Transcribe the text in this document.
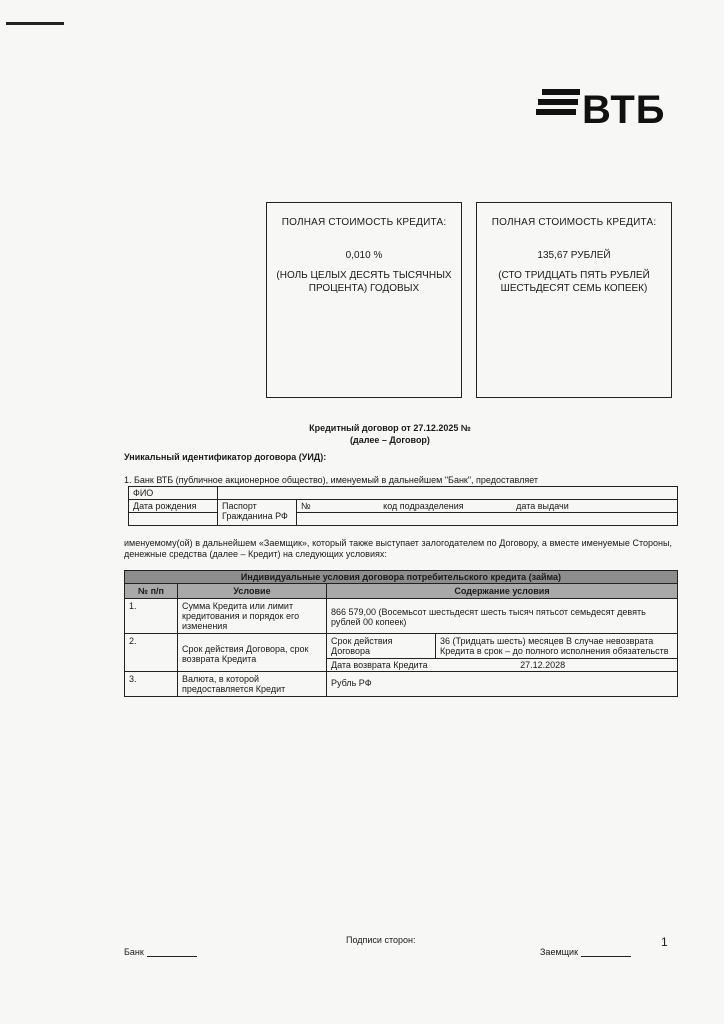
ВТБ
ПОЛНАЯ СТОИМОСТЬ КРЕДИТА:
0,010 %
(НОЛЬ ЦЕЛЫХ ДЕСЯТЬ ТЫСЯЧНЫХ ПРОЦЕНТА) ГОДОВЫХ
ПОЛНАЯ СТОИМОСТЬ КРЕДИТА:
135,67 РУБЛЕЙ
(СТО ТРИДЦАТЬ ПЯТЬ РУБЛЕЙ ШЕСТЬДЕСЯТ СЕМЬ КОПЕЕК)
Кредитный договор от 27.12.2025 №
(далее – Договор)
Уникальный идентификатор договора (УИД):
1. Банк ВТБ (публичное акционерное общество), именуемый в дальнейшем "Банк", предоставляет
ФИО		
Дата рождения	Паспорт Гражданина РФ	№ код подразделения дата выдачи

именуемому(ой) в дальнейшем «Заемщик», который также выступает залогодателем по Договору, а вместе именуемые Стороны, денежные средства (далее – Кредит) на следующих условиях:
Индивидуальные условия договора потребительского кредита (займа)
№ п/п	Условие	Содержание условия
1.	Сумма Кредита или лимит кредитования и порядок его изменения	866 579,00 (Восемьсот шестьдесят шесть тысяч пятьсот семьдесят девять рублей 00 копеек)
2.	Срок действия Договора, срок возврата Кредита	
Срок действия Договора	36 (Тридцать шесть) месяцев В случае невозврата Кредита в срок – до полного исполнения обязательств
Дата возврата Кредита	27.12.2028

3.	Валюта, в которой предоставляется Кредит	Рубль РФ
Подписи сторон:	1
Банк	Заемщик
